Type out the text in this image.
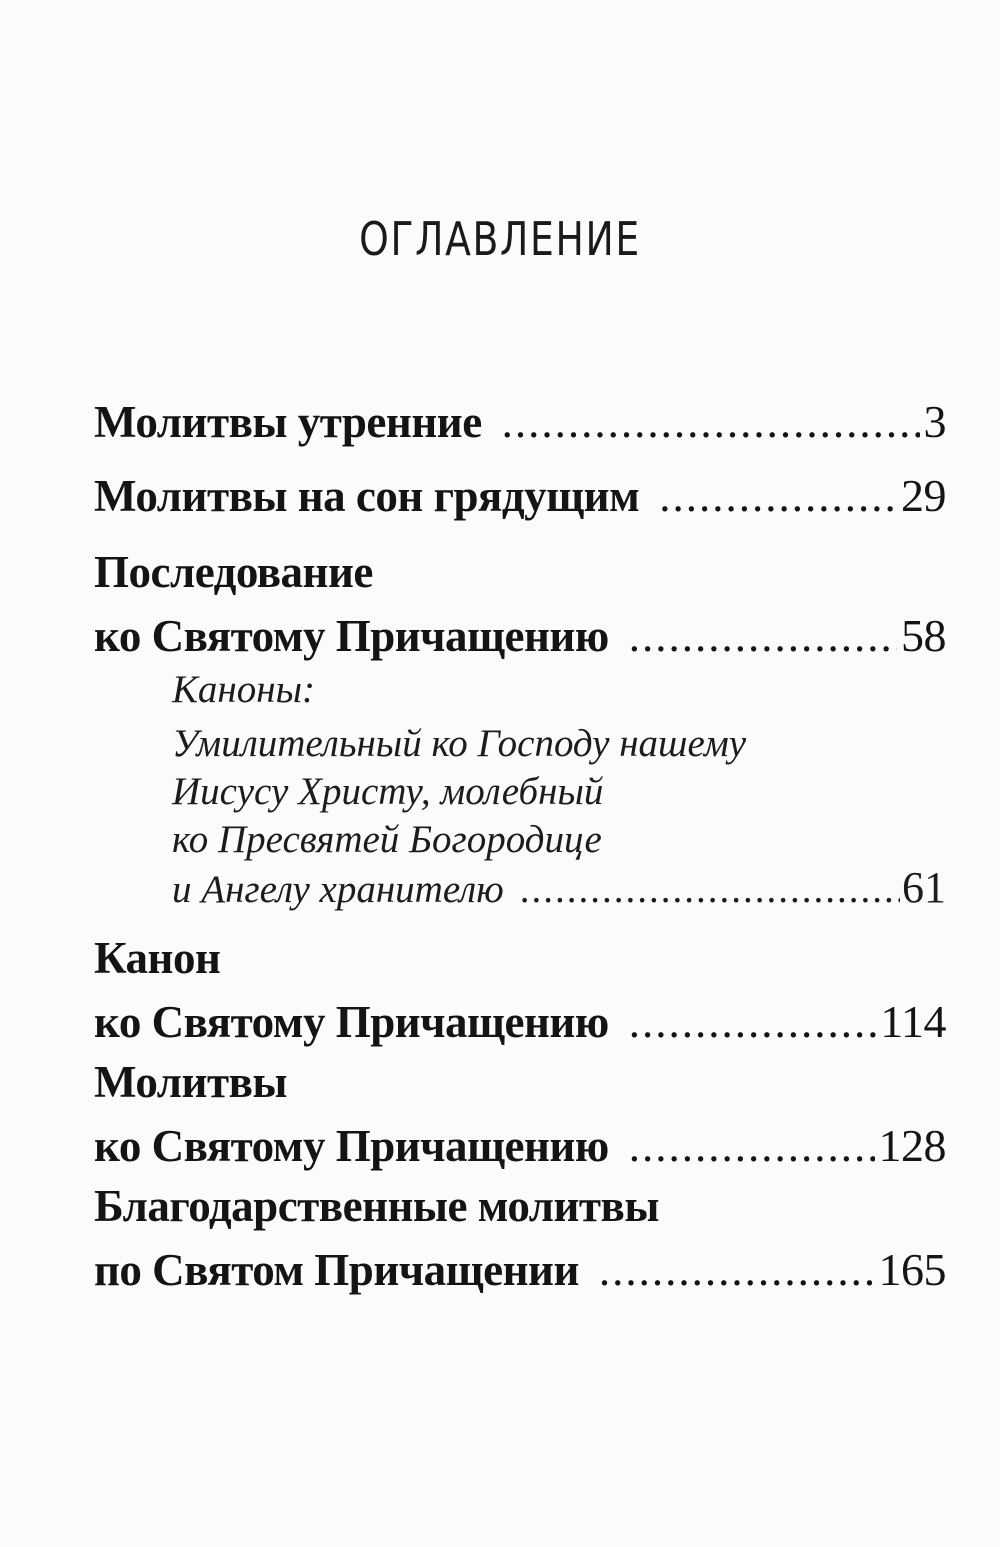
ОГЛАВЛЕНИЕ
Молитвы утренние .....	3
Молитвы на сон грядущим .....	29
Последование
ко Святому Причащению .....	58
Каноны:
Умилительный ко Господу нашему
Иисусу Христу, молебный
ко Пресвятей Богородице
и Ангелу хранителю .....	61
Канон
ко Святому Причащению .....	114
Молитвы
ко Святому Причащению .....	128
Благодарственные молитвы
по Святом Причащении .....	165
